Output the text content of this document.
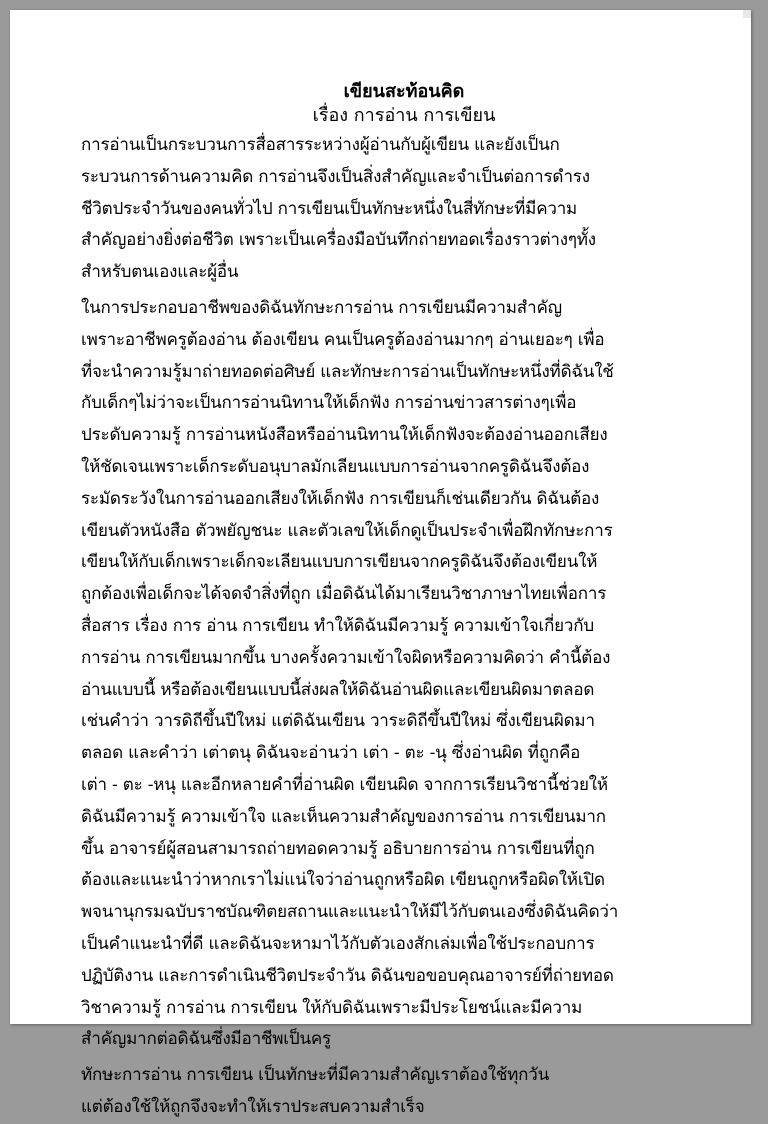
เขียนสะท้อนคิด

เรื่อง การอ่าน การเขียน

การอ่านเป็นกระบวนการสื่อสารระหว่างผู้อ่านกับผู้เขียน และยังเป็นก
ระบวนการด้านความคิด การอ่านจึงเป็นสิ่งสำคัญและจำเป็นต่อการดำรง
ชีวิตประจำวันของคนทั่วไป การเขียนเป็นทักษะหนึ่งในสี่ทักษะที่มีความ
สำคัญอย่างยิ่งต่อชีวิต เพราะเป็นเครื่องมือบันทึกถ่ายทอดเรื่องราวต่างๆทั้ง
สำหรับตนเองและผู้อื่น

ในการประกอบอาชีพของดิฉันทักษะการอ่าน การเขียนมีความสำคัญ
เพราะอาชีพครูต้องอ่าน ต้องเขียน คนเป็นครูต้องอ่านมากๆ อ่านเยอะๆ เพื่อ
ที่จะนำความรู้มาถ่ายทอดต่อศิษย์ และทักษะการอ่านเป็นทักษะหนึ่งที่ดิฉันใช้
กับเด็กๆไม่ว่าจะเป็นการอ่านนิทานให้เด็กฟัง การอ่านข่าวสารต่างๆเพื่อ
ประดับความรู้ การอ่านหนังสือหรืออ่านนิทานให้เด็กฟังจะต้องอ่านออกเสียง
ให้ชัดเจนเพราะเด็กระดับอนุบาลมักเลียนแบบการอ่านจากครูดิฉันจึงต้อง
ระมัดระวังในการอ่านออกเสียงให้เด็กฟัง การเขียนก็เช่นเดียวกัน ดิฉันต้อง
เขียนตัวหนังสือ ตัวพยัญชนะ และตัวเลขให้เด็กดูเป็นประจำเพื่อฝึกทักษะการ
เขียนให้กับเด็กเพราะเด็กจะเลียนแบบการเขียนจากครูดิฉันจึงต้องเขียนให้
ถูกต้องเพื่อเด็กจะได้จดจำสิ่งที่ถูก เมื่อดิฉันได้มาเรียนวิชาภาษาไทยเพื่อการ
สื่อสาร เรื่อง การ อ่าน การเขียน ทำให้ดิฉันมีความรู้ ความเข้าใจเกี่ยวกับ
การอ่าน การเขียนมากขึ้น บางครั้งความเข้าใจผิดหรือความคิดว่า คำนี้ต้อง
อ่านแบบนี้ หรือต้องเขียนแบบนี้ส่งผลให้ดิฉันอ่านผิดและเขียนผิดมาตลอด
เช่นคำว่า วารดิถีขึ้นปีใหม่ แต่ดิฉันเขียน วาระดิถีขึ้นปีใหม่ ซึ่งเขียนผิดมา
ตลอด และคำว่า เต่าตนุ ดิฉันจะอ่านว่า เต่า - ตะ -นุ ซึ่งอ่านผิด ที่ถูกคือ
เต่า - ตะ -หนุ และอีกหลายคำที่อ่านผิด เขียนผิด จากการเรียนวิชานี้ช่วยให้
ดิฉันมีความรู้ ความเข้าใจ และเห็นความสำคัญของการอ่าน การเขียนมาก
ขึ้น อาจารย์ผู้สอนสามารถถ่ายทอดความรู้ อธิบายการอ่าน การเขียนที่ถูก
ต้องและแนะนำว่าหากเราไม่แน่ใจว่าอ่านถูกหรือผิด เขียนถูกหรือผิดให้เปิด
พจนานุกรมฉบับราชบัณฑิตยสถานและแนะนำให้มีไว้กับตนเองซึ่งดิฉันคิดว่า
เป็นคำแนะนำที่ดี และดิฉันจะหามาไว้กับตัวเองสักเล่มเพื่อใช้ประกอบการ
ปฏิบัติงาน และการดำเนินชีวิตประจำวัน ดิฉันขอขอบคุณอาจารย์ที่ถ่ายทอด
วิชาความรู้ การอ่าน การเขียน ให้กับดิฉันเพราะมีประโยชน์และมีความ
สำคัญมากต่อดิฉันซึ่งมีอาชีพเป็นครู

ทักษะการอ่าน การเขียน เป็นทักษะที่มีความสำคัญเราต้องใช้ทุกวัน
แต่ต้องใช้ให้ถูกจึงจะทำให้เราประสบความสำเร็จ
